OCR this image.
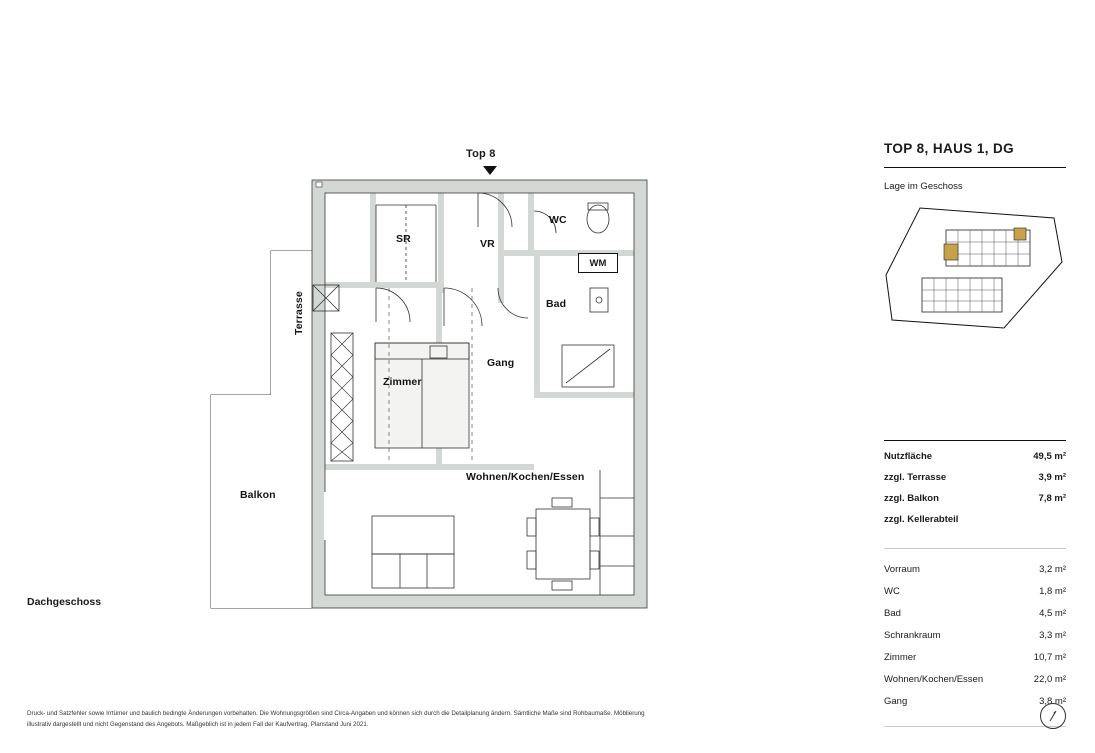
Top 8
SR
WC
VR
Bad
Gang
Zimmer
Wohnen/Kochen/Essen
Balkon
Terrasse
WM
Dachgeschoss
Druck- und Satzfehler sowie Irrtümer und baulich bedingte Änderungen vorbehalten. Die Wohnungsgrößen sind Circa-Angaben und können sich durch die Detailplanung ändern. Sämtliche Maße sind Rohbaumaße. Möblierung illustrativ dargestellt und nicht Gegenstand des Angebots. Maßgeblich ist in jedem Fall der Kaufvertrag, Planstand Juni 2021.
TOP 8, HAUS 1, DG
Lage im Geschoss
Nutzfläche	49,5 m²
zzgl. Terrasse	3,9 m²
zzgl. Balkon	7,8 m²
zzgl. Kellerabteil
Vorraum	3,2 m²
WC	1,8 m²
Bad	4,5 m²
Schrankraum	3,3 m²
Zimmer	10,7 m²
Wohnen/Kochen/Essen	22,0 m²
Gang	3,8 m²
